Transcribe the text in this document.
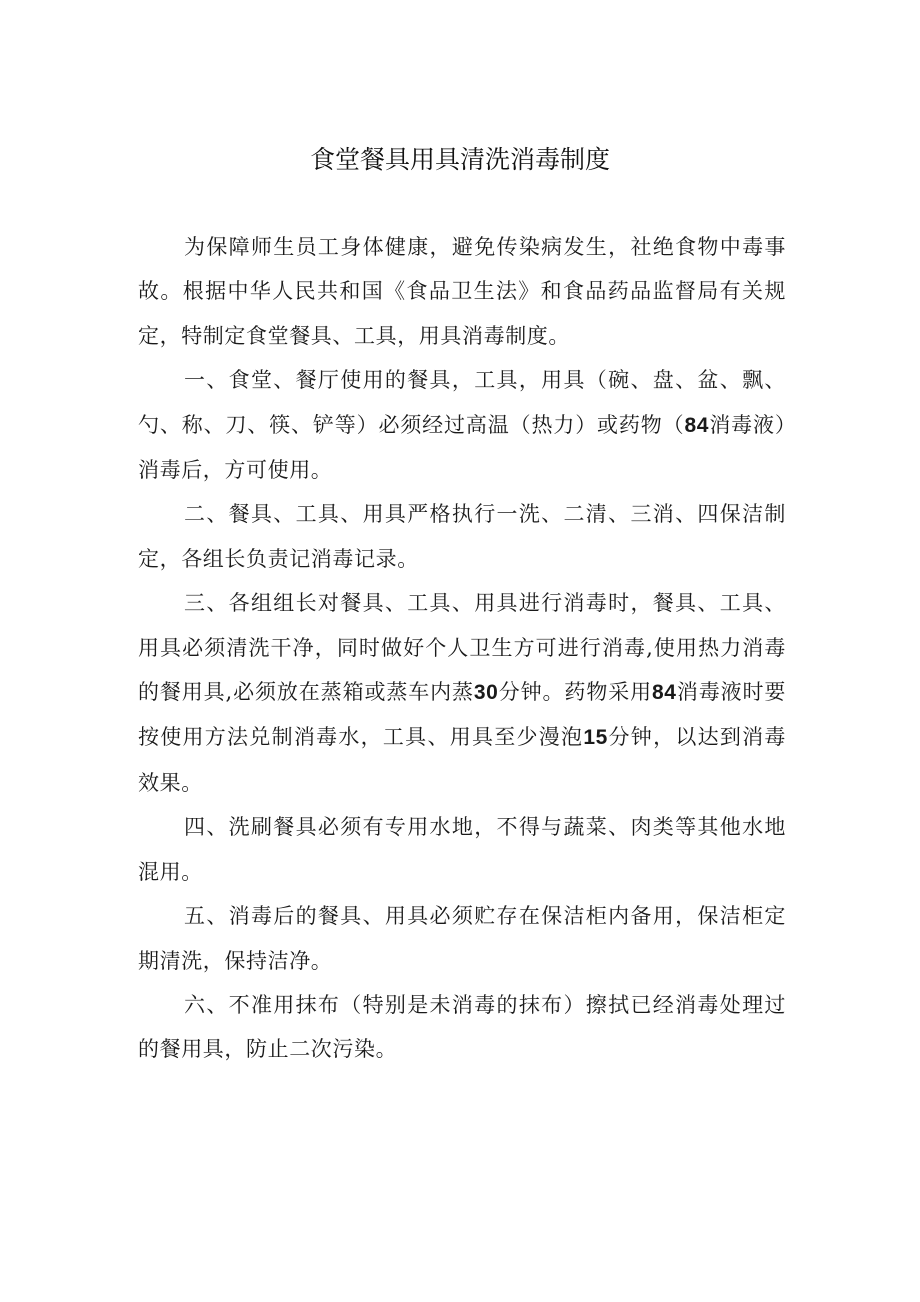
食堂餐具用具清洗消毒制度

为保障师生员工身体健康，避免传染病发生，社绝食物中毒事故。根据中华人民共和国《食品卫生法》和食品药品监督局有关规定，特制定食堂餐具、工具，用具消毒制度。

一、食堂、餐厅使用的餐具，工具，用具（碗、盘、盆、飘、勺、称、刀、筷、铲等）必须经过高温（热力）或药物（84消毒液）消毒后，方可使用。

二、餐具、工具、用具严格执行一洗、二清、三消、四保洁制定，各组长负责记消毒记录。

三、各组组长对餐具、工具、用具进行消毒时，餐具、工具、用具必须清洗干净，同时做好个人卫生方可进行消毒,使用热力消毒的餐用具,必须放在蒸箱或蒸车内蒸30分钟。药物采用84消毒液时要按使用方法兑制消毒水，工具、用具至少漫泡15分钟，以达到消毒效果。

四、洗刷餐具必须有专用水地，不得与蔬菜、肉类等其他水地混用。

五、消毒后的餐具、用具必须贮存在保洁柜内备用，保洁柜定期清洗，保持洁净。

六、不准用抹布（特别是未消毒的抹布）擦拭已经消毒处理过的餐用具，防止二次污染。
